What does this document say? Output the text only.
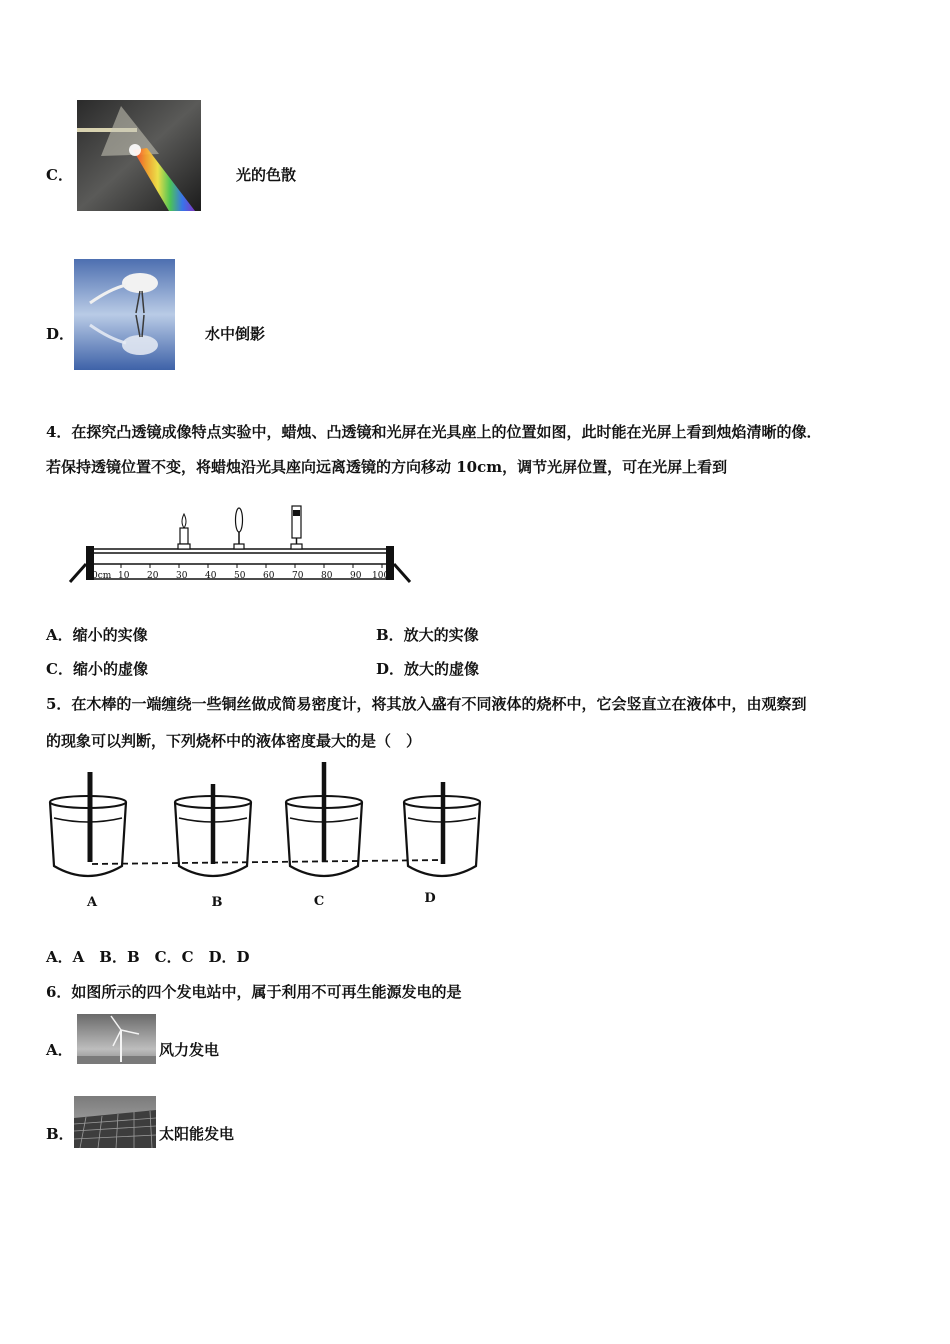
C．	光的色散
D．	水中倒影
4．在探究凸透镜成像特点实验中，蜡烛、凸透镜和光屏在光具座上的位置如图，此时能在光屏上看到烛焰清晰的像．
若保持透镜位置不变，将蜡烛沿光具座向远离透镜的方向移动 10cm，调节光屏位置，可在光屏上看到
0cm 10 20 30 40 50 60 70 80 90 100
A．缩小的实像	B．放大的实像
C．缩小的虚像	D．放大的虚像
5．在木棒的一端缠绕一些铜丝做成简易密度计，将其放入盛有不同液体的烧杯中，它会竖直立在液体中，由观察到
的现象可以判断，下列烧杯中的液体密度最大的是（　）
A	B	C	D
A．A　B．B　C．C　D．D
6．如图所示的四个发电站中，属于利用不可再生能源发电的是
A．	风力发电
B．	太阳能发电
